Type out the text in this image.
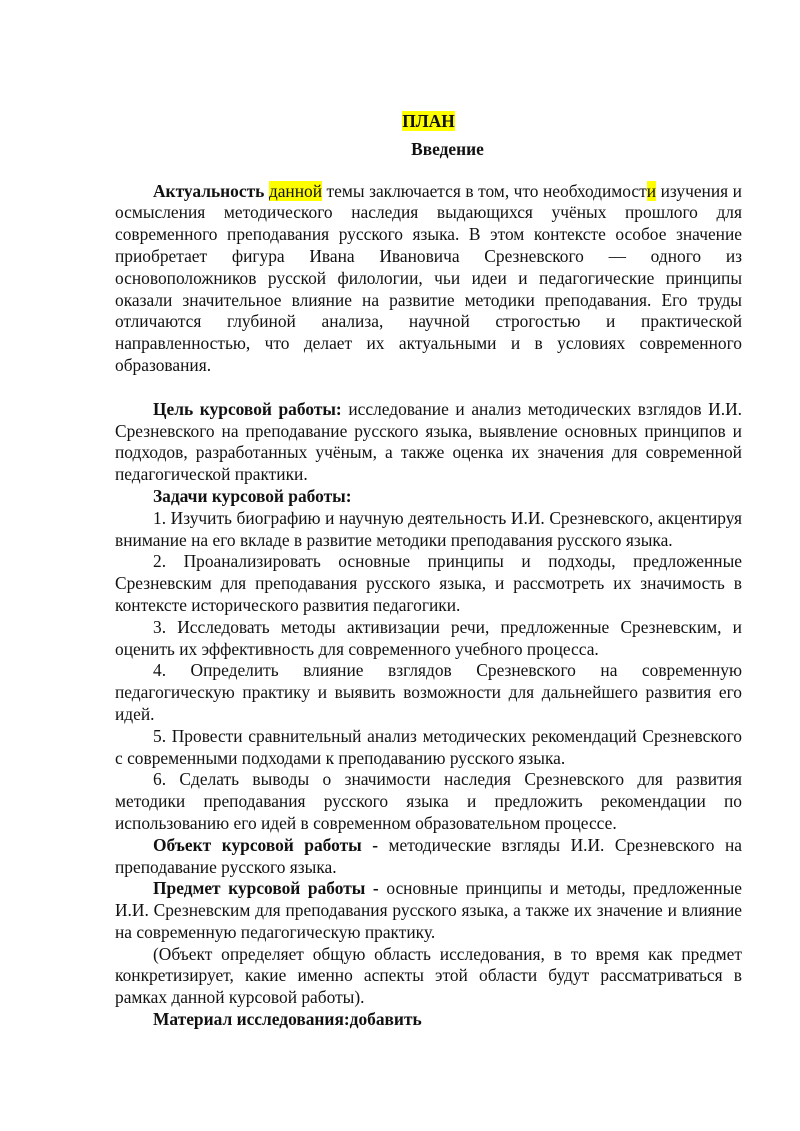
ПЛАН

Введение

Актуальность данной темы заключается в том, что необходимости изучения и осмысления методического наследия выдающихся учёных прошлого для современного преподавания русского языка. В этом контексте особое значение приобретает фигура Ивана Ивановича Срезневского — одного из основоположников русской филологии, чьи идеи и педагогические принципы оказали значительное влияние на развитие методики преподавания. Его труды отличаются глубиной анализа, научной строгостью и практической направленностью, что делает их актуальными и в условиях современного образования.

Цель курсовой работы: исследование и анализ методических взглядов И.И. Срезневского на преподавание русского языка, выявление основных принципов и подходов, разработанных учёным, а также оценка их значения для современной педагогической практики.

Задачи курсовой работы:

1. Изучить биографию и научную деятельность И.И. Срезневского, акцентируя внимание на его вкладе в развитие методики преподавания русского языка.

2. Проанализировать основные принципы и подходы, предложенные Срезневским для преподавания русского языка, и рассмотреть их значимость в контексте исторического развития педагогики.

3. Исследовать методы активизации речи, предложенные Срезневским, и оценить их эффективность для современного учебного процесса.

4. Определить влияние взглядов Срезневского на современную педагогическую практику и выявить возможности для дальнейшего развития его идей.

5. Провести сравнительный анализ методических рекомендаций Срезневского с современными подходами к преподаванию русского языка.

6. Сделать выводы о значимости наследия Срезневского для развития методики преподавания русского языка и предложить рекомендации по использованию его идей в современном образовательном процессе.

Объект курсовой работы - методические взгляды И.И. Срезневского на преподавание русского языка.

Предмет курсовой работы - основные принципы и методы, предложенные И.И. Срезневским для преподавания русского языка, а также их значение и влияние на современную педагогическую практику.

(Объект определяет общую область исследования, в то время как предмет конкретизирует, какие именно аспекты этой области будут рассматриваться в рамках данной курсовой работы).

Материал исследования:добавить
